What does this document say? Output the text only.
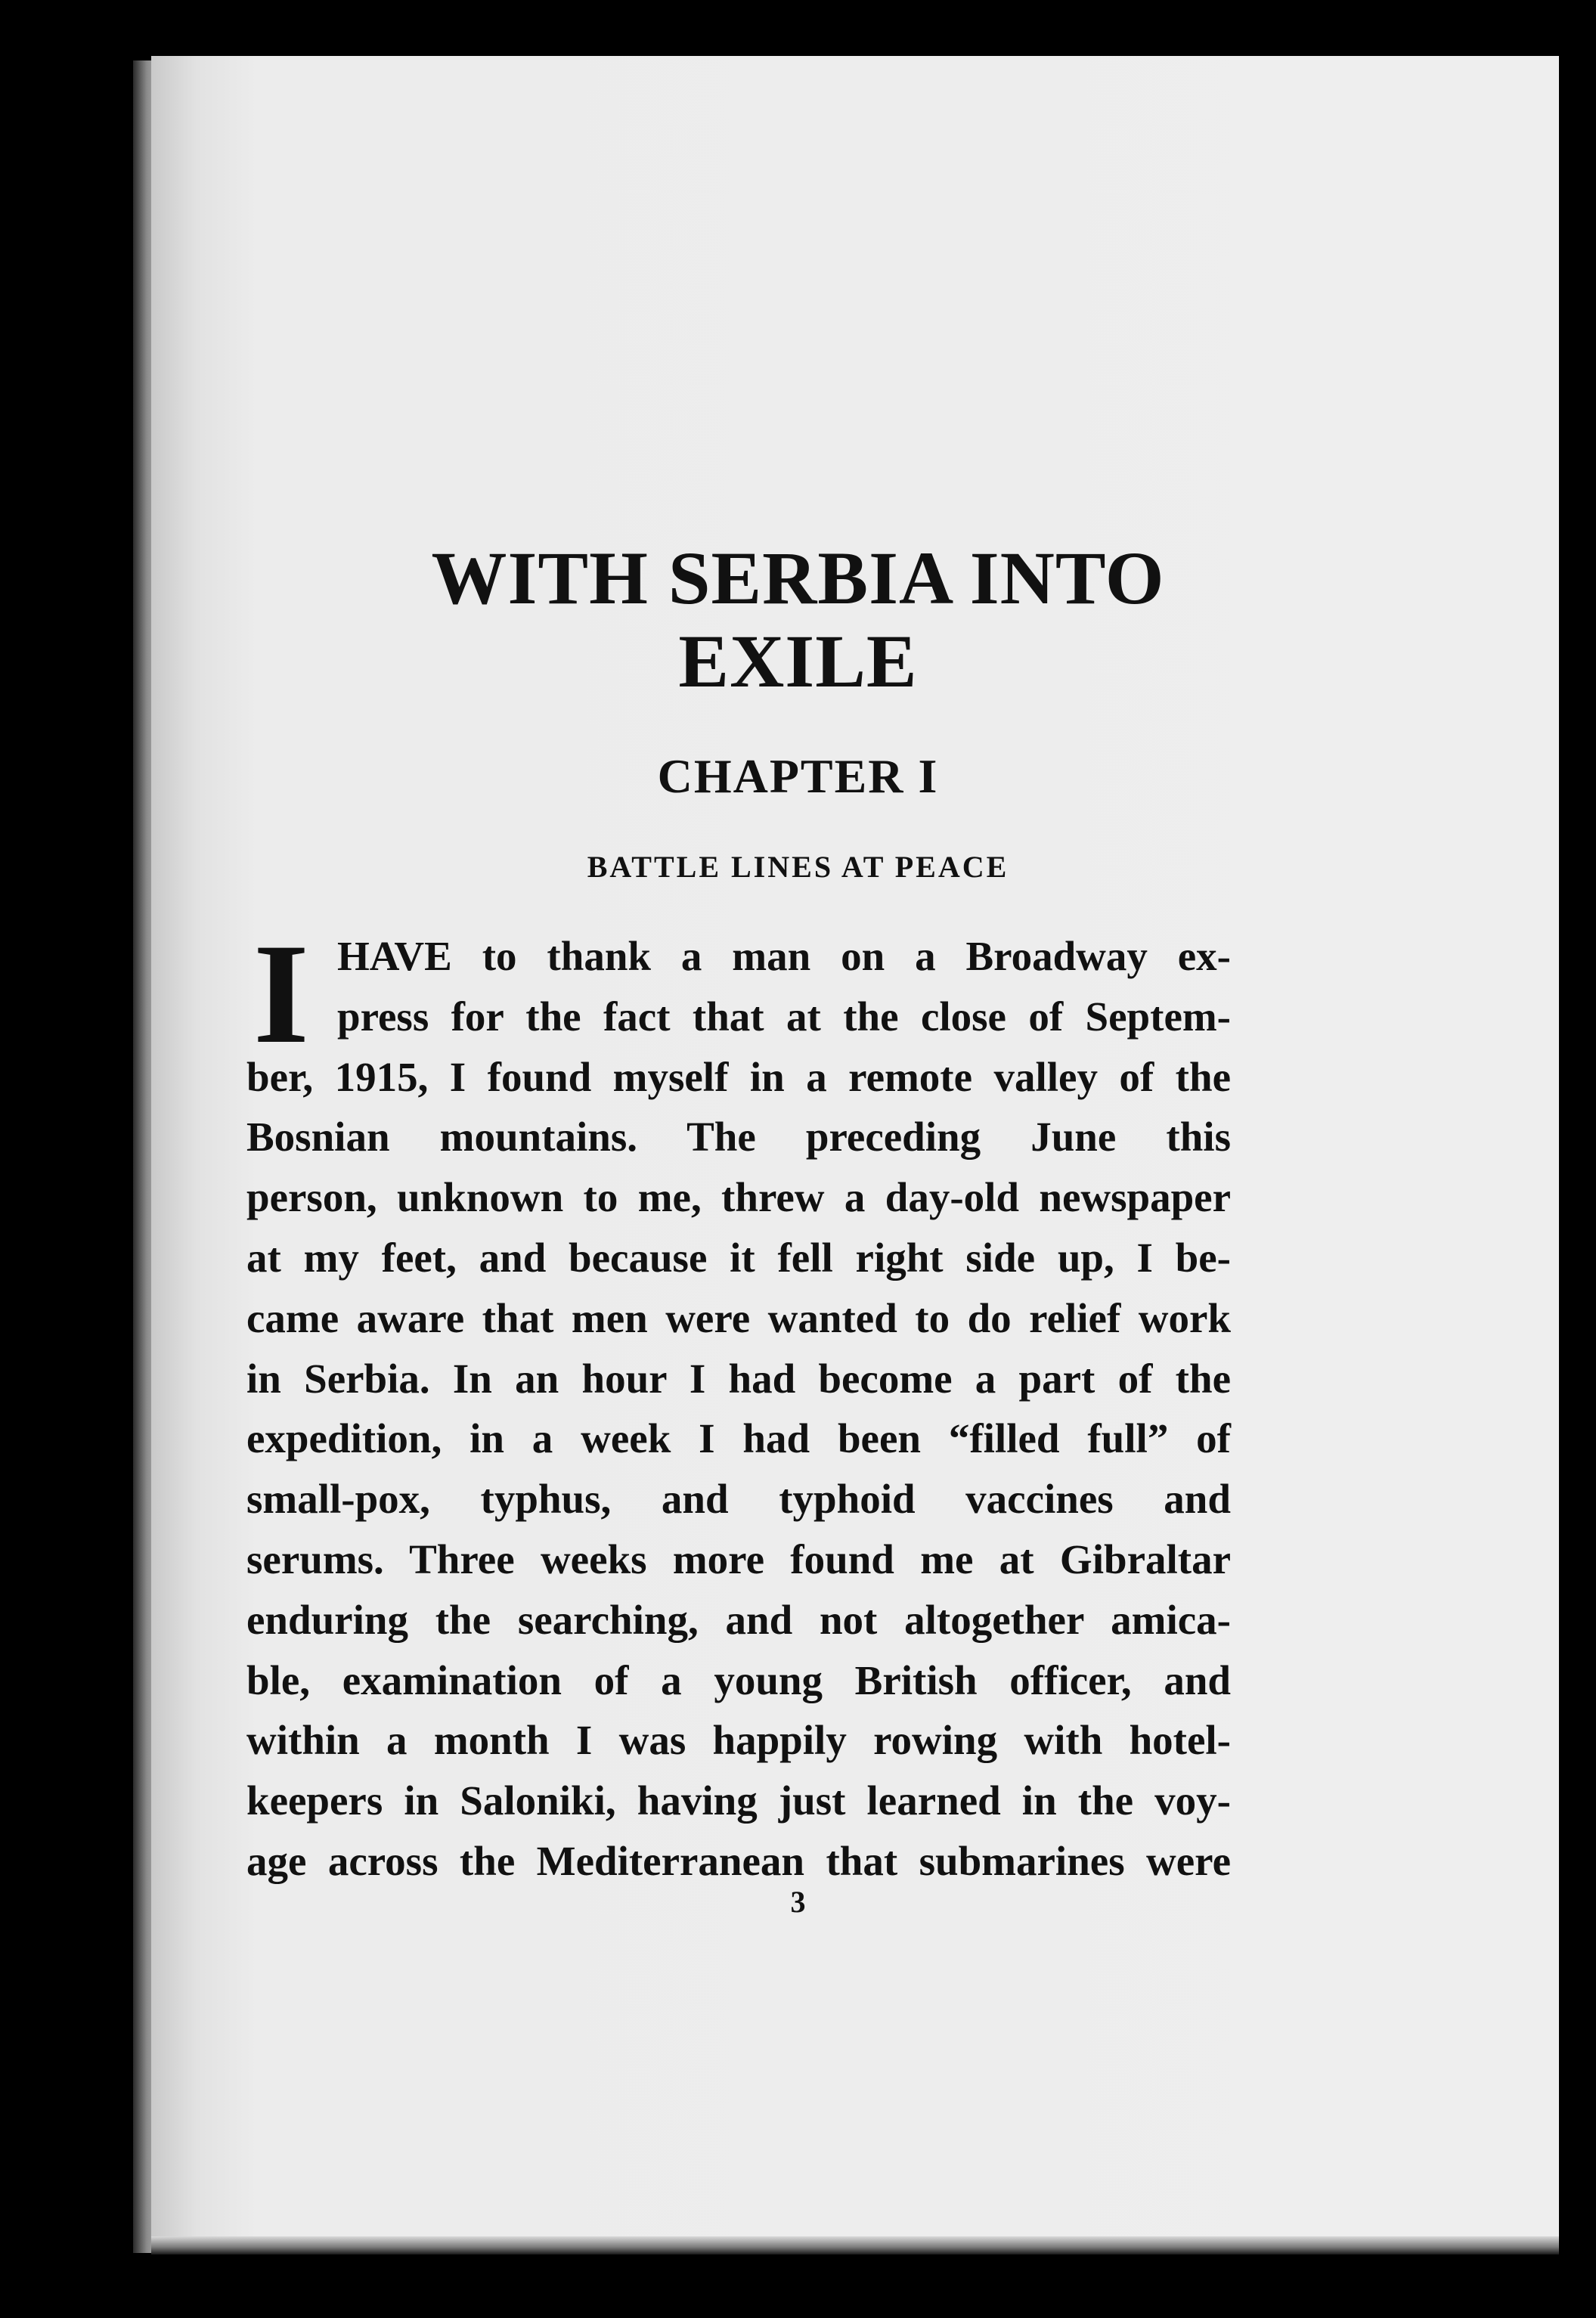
WITH SERBIA INTO

EXILE
CHAPTER I
BATTLE LINES AT PEACE
I HAVE to thank a man on a Broadway ex-
press for the fact that at the close of Septem-
ber, 1915, I found myself in a remote valley of the
Bosnian mountains. The preceding June this
person, unknown to me, threw a day-old newspaper
at my feet, and because it fell right side up, I be-
came aware that men were wanted to do relief work
in Serbia. In an hour I had become a part of the
expedition, in a week I had been “filled full” of
small-pox, typhus, and typhoid vaccines and
serums. Three weeks more found me at Gibraltar
enduring the searching, and not altogether amica-
ble, examination of a young British officer, and
within a month I was happily rowing with hotel-
keepers in Saloniki, having just learned in the voy-
age across the Mediterranean that submarines were
3
